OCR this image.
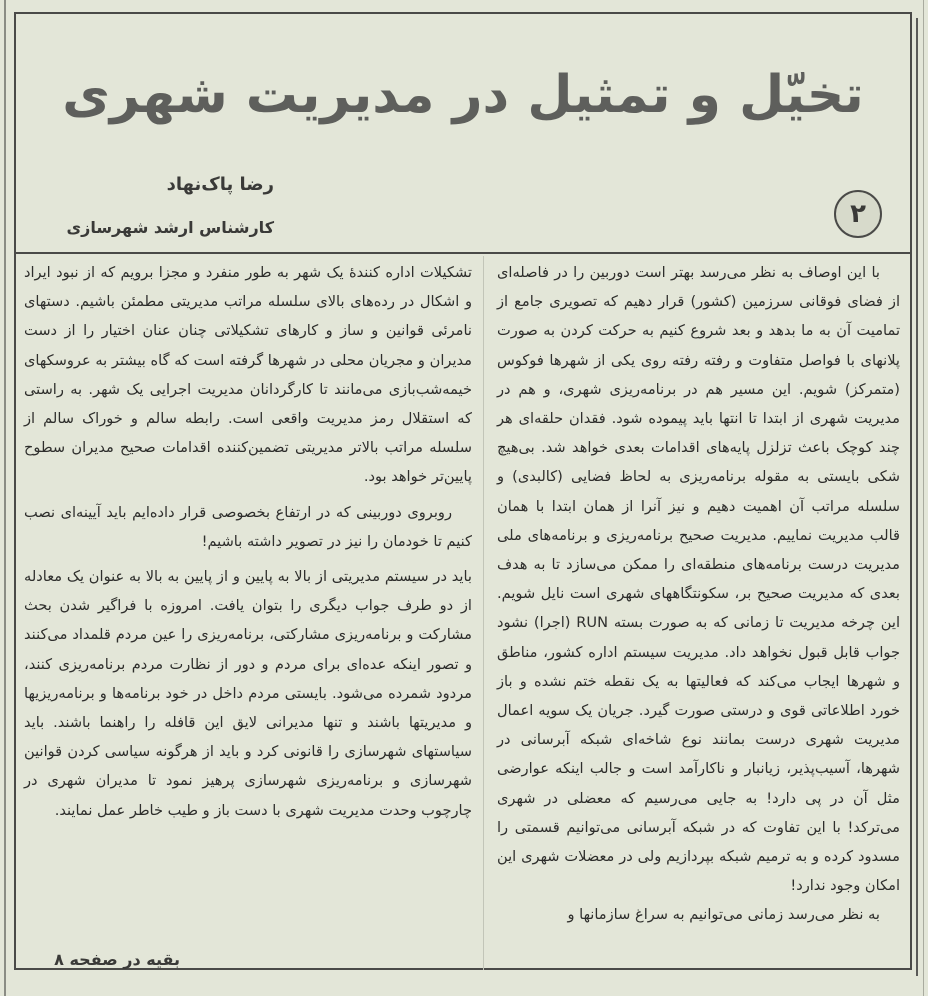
تخیّل و تمثیل در مدیریت شهری
رضا پاک‌نهاد
کارشناس ارشد شهرسازی	۲

با این اوصاف به نظر می‌رسد بهتر است دوربین را در فاصله‌ای از فضای فوقانی سرزمین (کشور) قرار دهیم که تصویری جامع از تمامیت آن به ما بدهد و بعد شروع کنیم به حرکت کردن به صورت پلانهای با فواصل متفاوت و رفته رفته روی یکی از شهرها فوکوس (متمرکز) شویم. این مسیر هم در برنامه‌ریزی شهری، و هم در مدیریت شهری از ابتدا تا انتها باید پیموده شود. فقدان حلقه‌ای هر چند کوچک باعث تزلزل پایه‌های اقدامات بعدی خواهد شد. بی‌هیچ شکی بایستی به مقوله برنامه‌ریزی به لحاظ فضایی (کالبدی) و سلسله مراتب آن اهمیت دهیم و نیز آنرا از همان ابتدا با همان قالب مدیریت نماییم. مدیریت صحیح برنامه‌ریزی و برنامه‌های ملی مدیریت درست برنامه‌های منطقه‌ای را ممکن می‌سازد تا به هدف بعدی که مدیریت صحیح بر، سکونتگاههای شهری است نایل شویم. این چرخه مدیریت تا زمانی که به صورت بسته RUN (اجرا) نشود جواب قابل قبول نخواهد داد. مدیریت سیستم اداره کشور، مناطق و شهرها ایجاب می‌کند که فعالیتها به یک نقطه ختم نشده و باز خورد اطلاعاتی قوی و درستی صورت گیرد. جریان یک سویه اعمال مدیریت شهری درست بمانند نوع شاخه‌ای شبکه آبرسانی در شهرها، آسیب‌پذیر، زیانبار و ناکارآمد است و جالب اینکه عوارضی مثل آن در پی دارد! به جایی می‌رسیم که معضلی در شهری می‌ترکد! با این تفاوت که در شبکه آبرسانی می‌توانیم قسمتی را مسدود کرده و به ترمیم شبکه بپردازیم ولی در معضلات شهری این امکان وجود ندارد!

به نظر می‌رسد زمانی می‌توانیم به سراغ سازمانها و

تشکیلات اداره کنندهٔ یک شهر به طور منفرد و مجزا برویم که از نبود ایراد و اشکال در رده‌های بالای سلسله مراتب مدیریتی مطمئن باشیم. دستهای نامرئی قوانین و ساز و کارهای تشکیلاتی چنان عنان اختیار را از دست مدیران و مجریان محلی در شهرها گرفته است که گاه بیشتر به عروسکهای خیمه‌شب‌بازی می‌مانند تا کارگردانان مدیریت اجرایی یک شهر. به راستی که استقلال رمز مدیریت واقعی است. رابطه سالم و خوراک سالم از سلسله مراتب بالاتر مدیریتی تضمین‌کننده اقدامات صحیح مدیران سطوح پایین‌تر خواهد بود.

روبروی دوربینی که در ارتفاع بخصوصی قرار داده‌ایم باید آیینه‌ای نصب کنیم تا خودمان را نیز در تصویر داشته باشیم!

باید در سیستم مدیریتی از بالا به پایین و از پایین به بالا به عنوان یک معادله از دو طرف جواب دیگری را بتوان یافت. امروزه با فراگیر شدن بحث مشارکت و برنامه‌ریزی مشارکتی، برنامه‌ریزی را عین مردم قلمداد می‌کنند و تصور اینکه عده‌ای برای مردم و دور از نظارت مردم برنامه‌ریزی کنند، مردود شمرده می‌شود. بایستی مردم داخل در خود برنامه‌ها و برنامه‌ریزیها و مدیریتها باشند و تنها مدیرانی لایق این قافله را راهنما باشند. باید سیاستهای شهرسازی را قانونی کرد و باید از هرگونه سیاسی کردن قوانین شهرسازی و برنامه‌ریزی شهرسازی پرهیز نمود تا مدیران شهری در چارچوب وحدت مدیریت شهری با دست باز و طیب خاطر عمل نمایند.

بقیه در صفحه ۸
